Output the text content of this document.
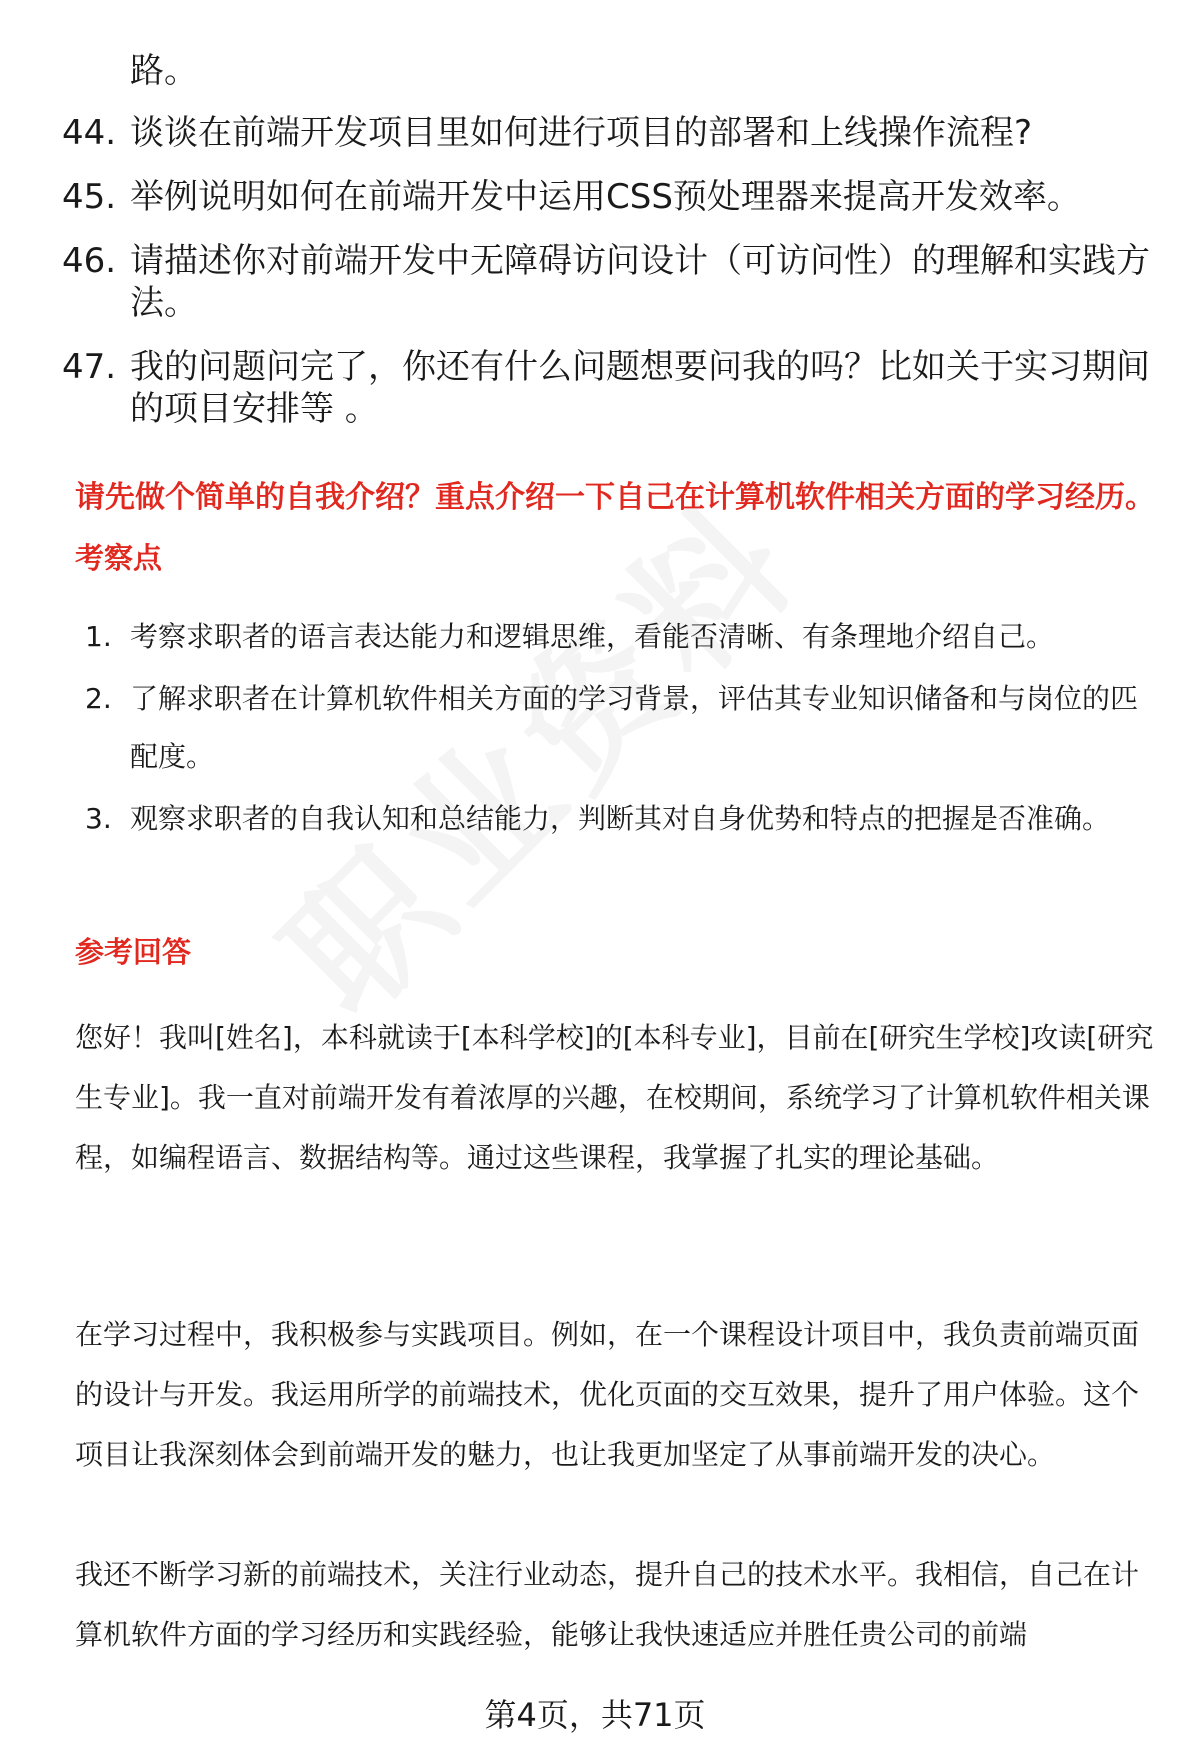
路。
44. 谈谈在前端开发项目里如何进行项目的部署和上线操作流程?
45. 举例说明如何在前端开发中运用CSS预处理器来提高开发效率。
46. 请描述你对前端开发中无障碍访问设计（可访问性）的理解和实践方法。
47. 我的问题问完了，你还有什么问题想要问我的吗？比如关于实习期间的项目安排等 。
请先做个简单的自我介绍？重点介绍一下自己在计算机软件相关方面的学习经历。
考察点
1. 考察求职者的语言表达能力和逻辑思维，看能否清晰、有条理地介绍自己。
2. 了解求职者在计算机软件相关方面的学习背景，评估其专业知识储备和与岗位的匹配度。
3. 观察求职者的自我认知和总结能力，判断其对自身优势和特点的把握是否准确。
参考回答

您好！我叫[姓名]，本科就读于[本科学校]的[本科专业]，目前在[研究生学校]攻读[研究生专业]。我一直对前端开发有着浓厚的兴趣，在校期间，系统学习了计算机软件相关课程，如编程语言、数据结构等。通过这些课程，我掌握了扎实的理论基础。

在学习过程中，我积极参与实践项目。例如，在一个课程设计项目中，我负责前端页面的设计与开发。我运用所学的前端技术，优化页面的交互效果，提升了用户体验。这个项目让我深刻体会到前端开发的魅力，也让我更加坚定了从事前端开发的决心。

我还不断学习新的前端技术，关注行业动态，提升自己的技术水平。我相信，自己在计算机软件方面的学习经历和实践经验，能够让我快速适应并胜任贵公司的前端

第4页，共71页
